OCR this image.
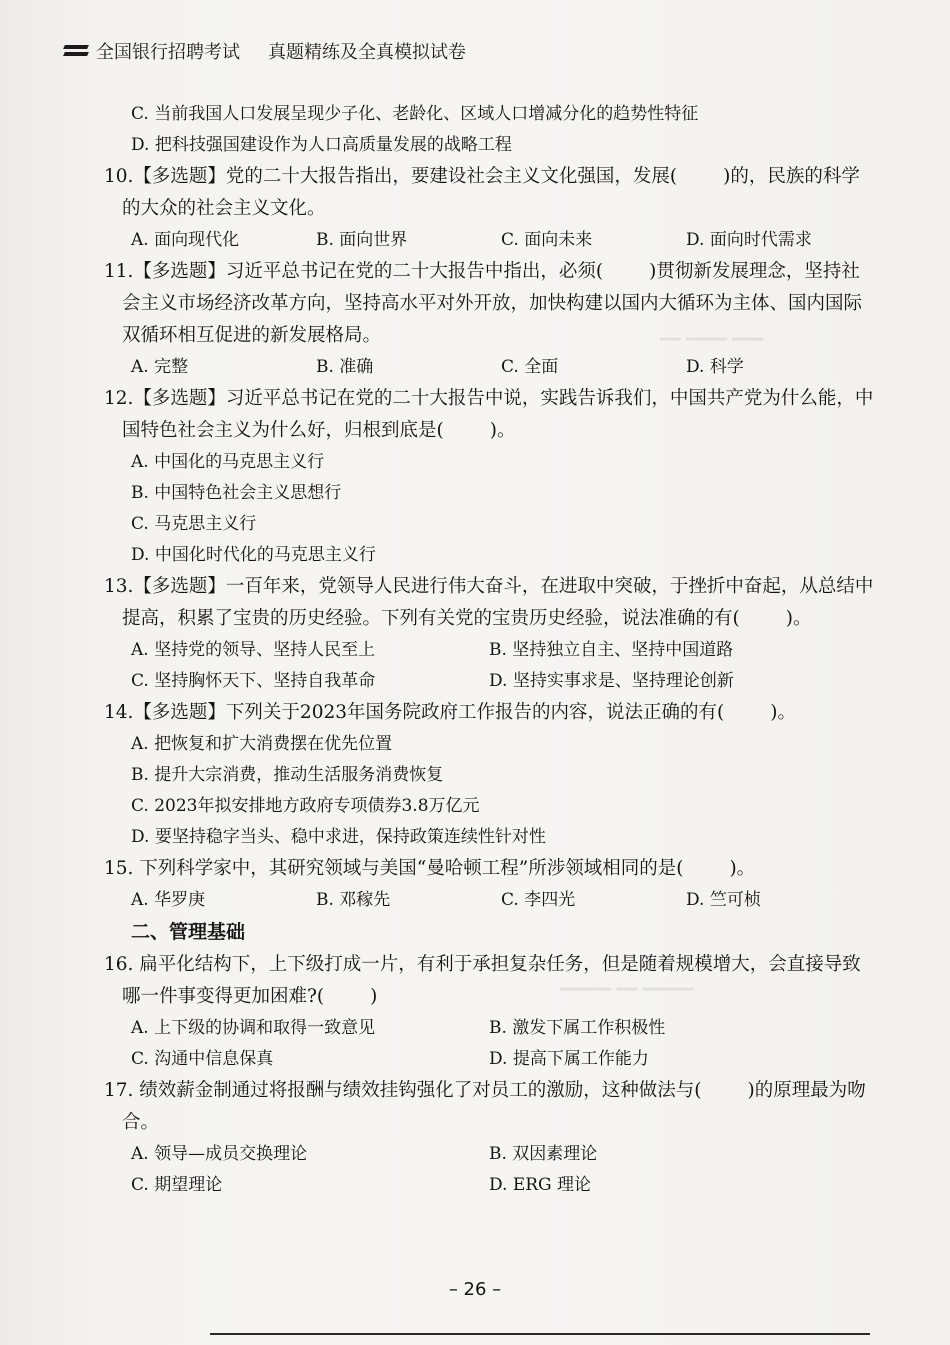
━━ ━━━━ ━━━
━━━━━ ━━ ━━━━━
全国银行招聘考试 真题精练及全真模拟试卷
C. 当前我国人口发展呈现少子化、老龄化、区域人口增减分化的趋势性特征
D. 把科技强国建设作为人口高质量发展的战略工程
10.【多选题】党的二十大报告指出，要建设社会主义文化强国，发展( )的，民族的科学的大众的社会主义文化。
A. 面向现代化	B. 面向世界	C. 面向未来	D. 面向时代需求
11.【多选题】习近平总书记在党的二十大报告中指出，必须( )贯彻新发展理念，坚持社会主义市场经济改革方向，坚持高水平对外开放，加快构建以国内大循环为主体、国内国际双循环相互促进的新发展格局。
A. 完整	B. 准确	C. 全面	D. 科学
12.【多选题】习近平总书记在党的二十大报告中说，实践告诉我们，中国共产党为什么能，中国特色社会主义为什么好，归根到底是( )。
A. 中国化的马克思主义行
B. 中国特色社会主义思想行
C. 马克思主义行
D. 中国化时代化的马克思主义行
13.【多选题】一百年来，党领导人民进行伟大奋斗，在进取中突破，于挫折中奋起，从总结中提高，积累了宝贵的历史经验。下列有关党的宝贵历史经验，说法准确的有( )。
A. 坚持党的领导、坚持人民至上	B. 坚持独立自主、坚持中国道路
C. 坚持胸怀天下、坚持自我革命	D. 坚持实事求是、坚持理论创新
14.【多选题】下列关于2023年国务院政府工作报告的内容，说法正确的有( )。
A. 把恢复和扩大消费摆在优先位置
B. 提升大宗消费，推动生活服务消费恢复
C. 2023年拟安排地方政府专项债券3.8万亿元
D. 要坚持稳字当头、稳中求进，保持政策连续性针对性
15. 下列科学家中，其研究领域与美国“曼哈顿工程”所涉领域相同的是( )。
A. 华罗庚	B. 邓稼先	C. 李四光	D. 竺可桢
二、管理基础
16. 扁平化结构下，上下级打成一片，有利于承担复杂任务，但是随着规模增大，会直接导致哪一件事变得更加困难?( )
A. 上下级的协调和取得一致意见	B. 激发下属工作积极性
C. 沟通中信息保真	D. 提高下属工作能力
17. 绩效薪金制通过将报酬与绩效挂钩强化了对员工的激励，这种做法与( )的原理最为吻合。
A. 领导—成员交换理论	B. 双因素理论
C. 期望理论	D. ERG 理论
– 26 –
